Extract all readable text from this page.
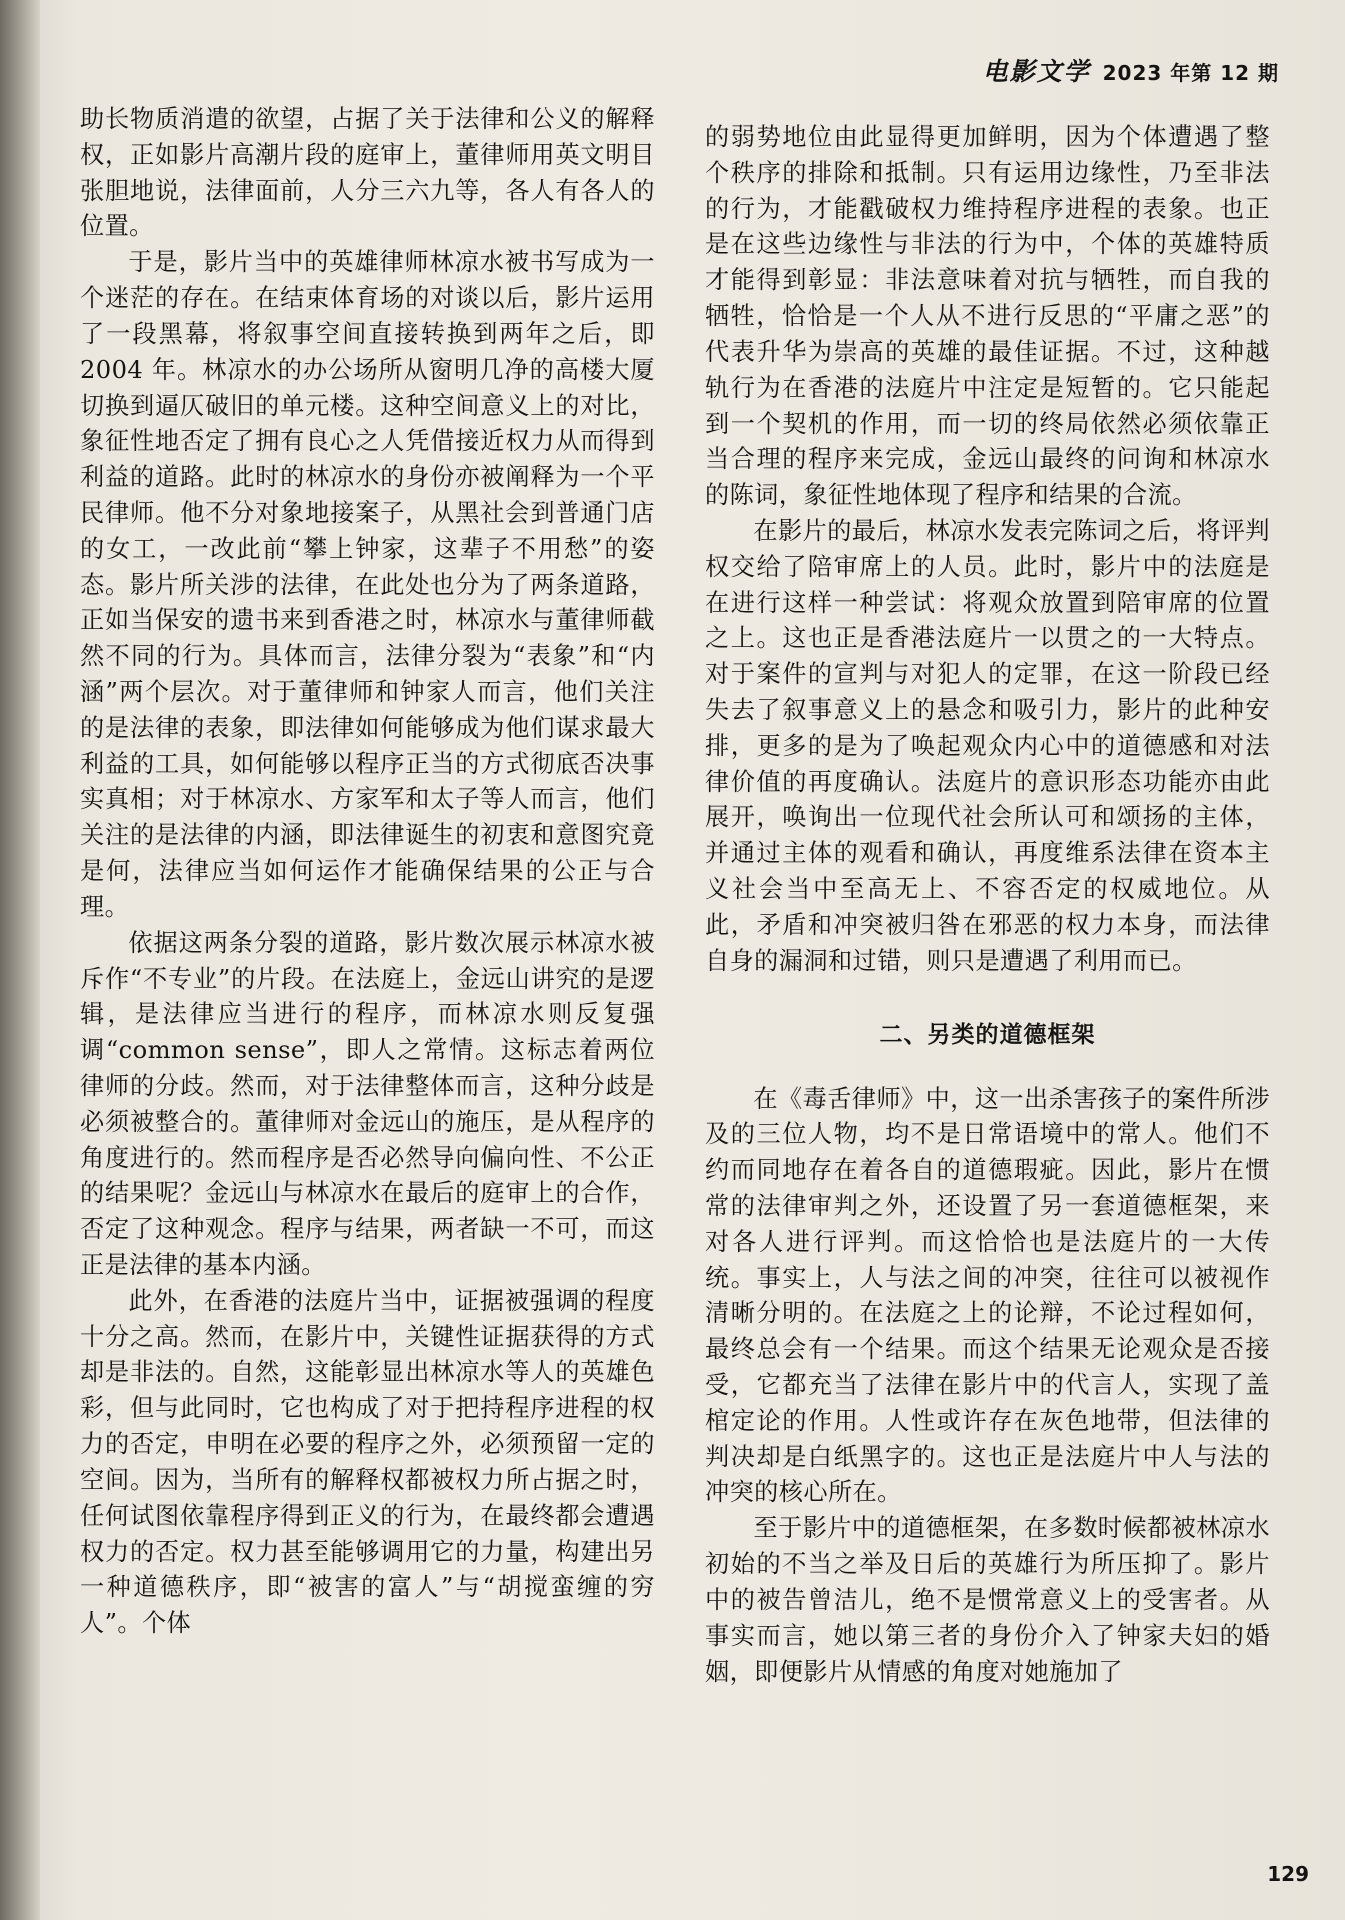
电影文学 2023 年第 12 期

助长物质消遣的欲望，占据了关于法律和公义的解释权，正如影片高潮片段的庭审上，董律师用英文明目张胆地说，法律面前，人分三六九等，各人有各人的位置。

于是，影片当中的英雄律师林凉水被书写成为一个迷茫的存在。在结束体育场的对谈以后，影片运用了一段黑幕，将叙事空间直接转换到两年之后，即 2004 年。林凉水的办公场所从窗明几净的高楼大厦切换到逼仄破旧的单元楼。这种空间意义上的对比，象征性地否定了拥有良心之人凭借接近权力从而得到利益的道路。此时的林凉水的身份亦被阐释为一个平民律师。他不分对象地接案子，从黑社会到普通门店的女工，一改此前“攀上钟家，这辈子不用愁”的姿态。影片所关涉的法律，在此处也分为了两条道路，正如当保安的遗书来到香港之时，林凉水与董律师截然不同的行为。具体而言，法律分裂为“表象”和“内涵”两个层次。对于董律师和钟家人而言，他们关注的是法律的表象，即法律如何能够成为他们谋求最大利益的工具，如何能够以程序正当的方式彻底否决事实真相；对于林凉水、方家军和太子等人而言，他们关注的是法律的内涵，即法律诞生的初衷和意图究竟是何，法律应当如何运作才能确保结果的公正与合理。

依据这两条分裂的道路，影片数次展示林凉水被斥作“不专业”的片段。在法庭上，金远山讲究的是逻辑，是法律应当进行的程序，而林凉水则反复强调“common sense”，即人之常情。这标志着两位律师的分歧。然而，对于法律整体而言，这种分歧是必须被整合的。董律师对金远山的施压，是从程序的角度进行的。然而程序是否必然导向偏向性、不公正的结果呢？金远山与林凉水在最后的庭审上的合作，否定了这种观念。程序与结果，两者缺一不可，而这正是法律的基本内涵。

此外，在香港的法庭片当中，证据被强调的程度十分之高。然而，在影片中，关键性证据获得的方式却是非法的。自然，这能彰显出林凉水等人的英雄色彩，但与此同时，它也构成了对于把持程序进程的权力的否定，申明在必要的程序之外，必须预留一定的空间。因为，当所有的解释权都被权力所占据之时，任何试图依靠程序得到正义的行为，在最终都会遭遇权力的否定。权力甚至能够调用它的力量，构建出另一种道德秩序，即“被害的富人”与“胡搅蛮缠的穷人”。个体

的弱势地位由此显得更加鲜明，因为个体遭遇了整个秩序的排除和抵制。只有运用边缘性，乃至非法的行为，才能戳破权力维持程序进程的表象。也正是在这些边缘性与非法的行为中，个体的英雄特质才能得到彰显：非法意味着对抗与牺牲，而自我的牺牲，恰恰是一个人从不进行反思的“平庸之恶”的代表升华为崇高的英雄的最佳证据。不过，这种越轨行为在香港的法庭片中注定是短暂的。它只能起到一个契机的作用，而一切的终局依然必须依靠正当合理的程序来完成，金远山最终的问询和林凉水的陈词，象征性地体现了程序和结果的合流。

在影片的最后，林凉水发表完陈词之后，将评判权交给了陪审席上的人员。此时，影片中的法庭是在进行这样一种尝试：将观众放置到陪审席的位置之上。这也正是香港法庭片一以贯之的一大特点。对于案件的宣判与对犯人的定罪，在这一阶段已经失去了叙事意义上的悬念和吸引力，影片的此种安排，更多的是为了唤起观众内心中的道德感和对法律价值的再度确认。法庭片的意识形态功能亦由此展开，唤询出一位现代社会所认可和颂扬的主体，并通过主体的观看和确认，再度维系法律在资本主义社会当中至高无上、不容否定的权威地位。从此，矛盾和冲突被归咎在邪恶的权力本身，而法律自身的漏洞和过错，则只是遭遇了利用而已。

二、另类的道德框架

在《毒舌律师》中，这一出杀害孩子的案件所涉及的三位人物，均不是日常语境中的常人。他们不约而同地存在着各自的道德瑕疵。因此，影片在惯常的法律审判之外，还设置了另一套道德框架，来对各人进行评判。而这恰恰也是法庭片的一大传统。事实上，人与法之间的冲突，往往可以被视作清晰分明的。在法庭之上的论辩，不论过程如何，最终总会有一个结果。而这个结果无论观众是否接受，它都充当了法律在影片中的代言人，实现了盖棺定论的作用。人性或许存在灰色地带，但法律的判决却是白纸黑字的。这也正是法庭片中人与法的冲突的核心所在。

至于影片中的道德框架，在多数时候都被林凉水初始的不当之举及日后的英雄行为所压抑了。影片中的被告曾洁儿，绝不是惯常意义上的受害者。从事实而言，她以第三者的身份介入了钟家夫妇的婚姻，即便影片从情感的角度对她施加了

129
